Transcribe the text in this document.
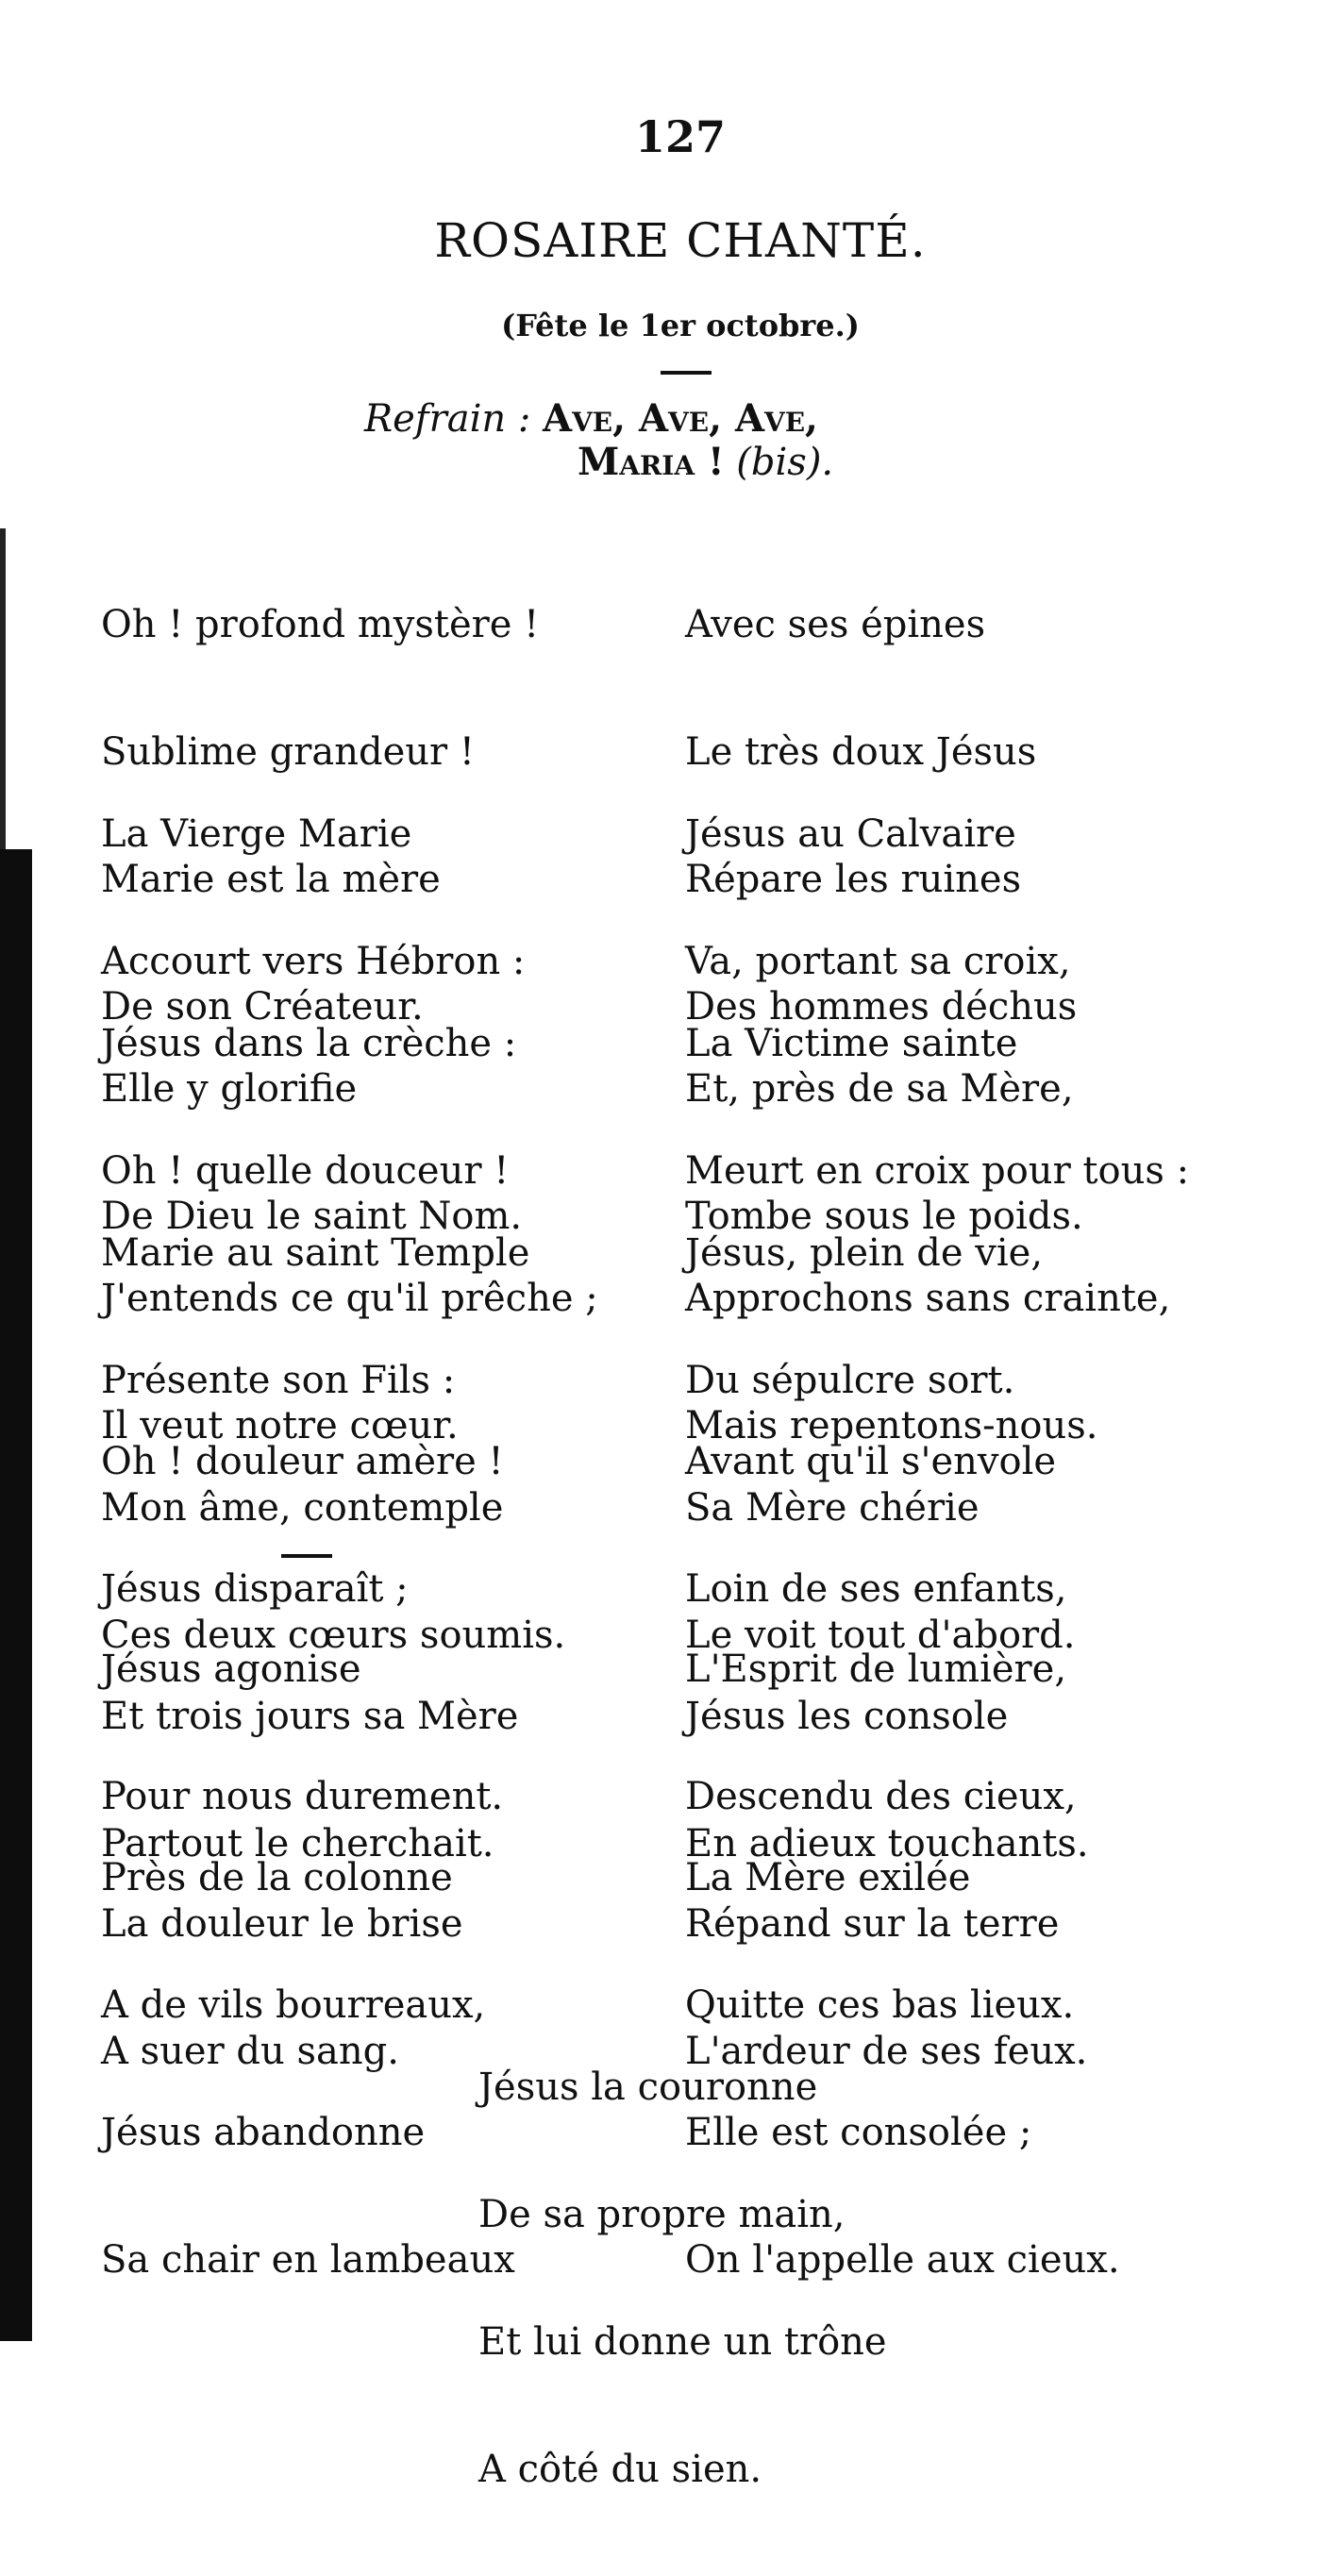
127
ROSAIRE CHANTÉ.
(Fête le 1er octobre.)
Refrain : Ave, Ave, Ave,
Maria ! (bis).

Oh ! profond mystère !

Sublime grandeur !

Marie est la mère

De son Créateur.

La Vierge Marie

Accourt vers Hébron :

Elle y glorifie

De Dieu le saint Nom.

Jésus dans la crèche :

Oh ! quelle douceur !

J'entends ce qu'il prêche ;

Il veut notre cœur.

Marie au saint Temple

Présente son Fils :

Mon âme, contemple

Ces deux cœurs soumis.

Oh ! douleur amère !

Jésus disparaît ;

Et trois jours sa Mère

Partout le cherchait.

Jésus agonise

Pour nous durement.

La douleur le brise

A suer du sang.

Près de la colonne

A de vils bourreaux,

Jésus abandonne

Sa chair en lambeaux

Avec ses épines

Le très doux Jésus

Répare les ruines

Des hommes déchus

Jésus au Calvaire

Va, portant sa croix,

Et, près de sa Mère,

Tombe sous le poids.

La Victime sainte

Meurt en croix pour tous :

Approchons sans crainte,

Mais repentons-nous.

Jésus, plein de vie,

Du sépulcre sort.

Sa Mère chérie

Le voit tout d'abord.

Avant qu'il s'envole

Loin de ses enfants,

Jésus les console

En adieux touchants.

L'Esprit de lumière,

Descendu des cieux,

Répand sur la terre

L'ardeur de ses feux.

La Mère exilée

Quitte ces bas lieux.

Elle est consolée ;

On l'appelle aux cieux.

Jésus la couronne

De sa propre main,

Et lui donne un trône

A côté du sien.
